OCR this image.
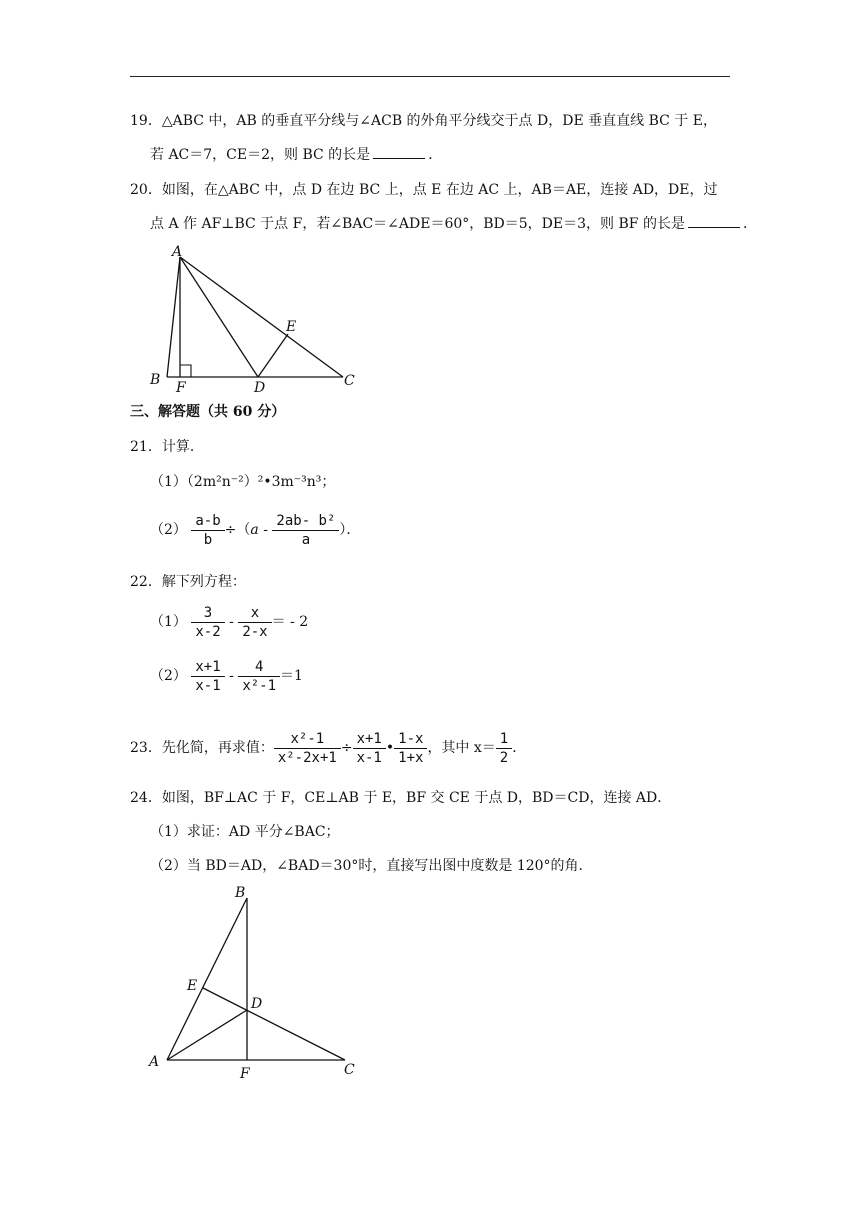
19．△ABC 中，AB 的垂直平分线与∠ACB 的外角平分线交于点 D，DE 垂直直线 BC 于 E，
若 AC＝7，CE＝2，则 BC 的长是	．
20．如图，在△ABC 中，点 D 在边 BC 上，点 E 在边 AC 上，AB＝AE，连接 AD，DE，过
点 A 作 AF⊥BC 于点 F，若∠BAC＝∠ADE＝60°，BD＝5，DE＝3，则 BF 的长是	．
A
B F	D
E
C
三、解答题（共 60 分）
21．计算．
（1）（2m²n⁻²）²•3m⁻³n³；
$(2) \frac{a-b}{b} \div(a - \frac{\text{2ab- b²}}{a}$ ）．
22．解下列方程：
$(1) \frac{3}{x-2} - \frac{x}{2-x}$ ＝ - 2
$(2) \frac{x+1}{x-1} - \frac{4}{\text{x²-1}} =1$
23．先化简，再求值： $\frac{\text{x²-1}}{\text{x²-2x+1}} \div \frac{x+1}{x-1}$ • $\frac{1-x}{1+x}$ ，其中 $x= \frac{1}{2}$ ．
24．如图，BF⊥AC 于 F，CE⊥AB 于 E，BF 交 CE 于点 D，BD＝CD，连接 AD．
（1）求证：AD 平分∠BAC；
（2）当 BD＝AD，∠BAD＝30°时，直接写出图中度数是 120°的角．
B
E
D
A
F	C
